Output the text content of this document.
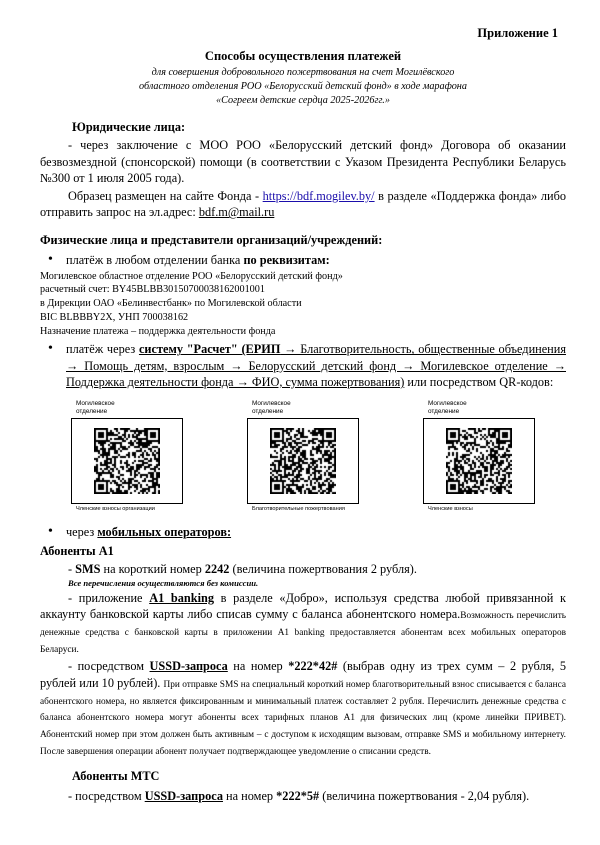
Приложение 1
Способы осуществления платежей
для совершения добровольного пожертвования на счет Могилёвского
областного отделения РОО «Белорусский детский фонд» в ходе марафона
«Согреем детские сердца 2025-2026гг.»
Юридические лица:

- через заключение с МОО РОО «Белорусский детский фонд» Договора об оказании безвозмездной (спонсорской) помощи (в соответствии с Указом Президента Республики Беларусь №300 от 1 июля 2005 года).

Образец размещен на сайте Фонда - https://bdf.mogilev.by/ в разделе «Поддержка фонда» либо отправить запрос на эл.адрес: bdf.m@mail.ru

Физические лица и представители организаций/учреждений:
• платёж в любом отделении банка по реквизитам:
Могилевское областное отделение РОО «Белорусский детский фонд»
расчетный счет: BY45BLBB30150700038162001001
в Дирекции ОАО «Белинвестбанк» по Могилевской области
BIC BLBBBY2X, УНП 700038162
Назначение платежа – поддержка деятельности фонда
• платёж через систему "Расчет" (ЕРИП → Благотворительность, общественные объединения → Помощь детям, взрослым → Белорусский детский фонд → Могилевское отделение → Поддержка деятельности фонда → ФИО, сумма пожертвования) или посредством QR-кодов:
Могилевское
отделение
Членские взносы организации
Могилевское
отделение
Благотворительные пожертвования
Могилевское
отделение
Членские взносы
• через мобильных операторов:
Абоненты А1

- SMS на короткий номер 2242 (величина пожертвования 2 рубля).

Все перечисления осуществляются без комиссии.

- приложение A1 banking в разделе «Добро», используя средства любой привязанной к аккаунту банковской карты либо списав сумму с баланса абонентского номера.Возможность перечислить денежные средства с банковской карты в приложении A1 banking предоставляется абонентам всех мобильных операторов Беларуси.

- посредством USSD-запроса на номер *222*42# (выбрав одну из трех сумм – 2 рубля, 5 рублей или 10 рублей). При отправке SMS на специальный короткий номер благотворительный взнос списывается с баланса абонентского номера, но является фиксированным и минимальный платеж составляет 2 рубля. Перечислить денежные средства с баланса абонентского номера могут абоненты всех тарифных планов А1 для физических лиц (кроме линейки ПРИВЕТ). Абонентский номер при этом должен быть активным – с доступом к исходящим вызовам, отправке SMS и мобильному интернету. После завершения операции абонент получает подтверждающее уведомление о списании средств.

Абоненты МТС

- посредством USSD-запроса на номер *222*5# (величина пожертвования - 2,04 рубля).
